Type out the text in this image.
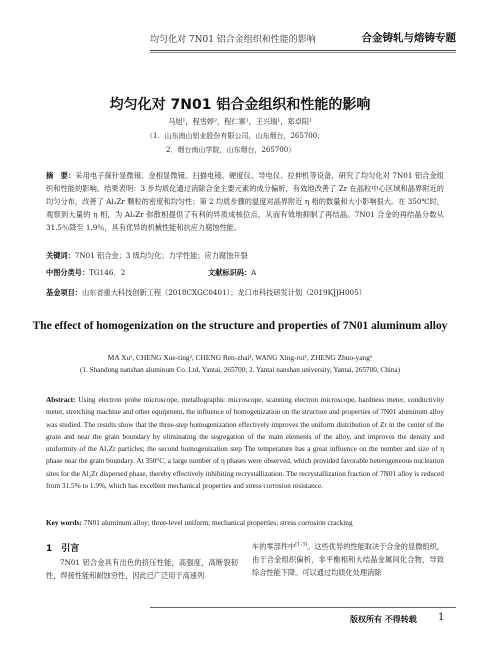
均匀化对 7N01 铝合金组织和性能的影响	合金铸轧与熔铸专题
均匀化对 7N01 铝合金组织和性能的影响
马旭¹，程雪婷²，程仁寨¹，王兴瑞¹，郑卓阳¹
（1．山东南山铝业股份有限公司，山东烟台，265700；
2．烟台南山学院，山东烟台，265700）
摘　要：采用电子探针显微镜、金相显微镜、扫描电镜、硬度仪、导电仪、拉伸机等设备，研究了均匀化对 7N01 铝合金组织和性能的影响。结果表明：3 步均质化通过消除合金主要元素的成分偏析，有效地改善了 Zr 在晶粒中心区域和晶界附近的均匀分布，改善了 Al₃Zr 颗粒的密度和均匀性；第 2 均质步骤的温度对晶界附近 η 相的数量和大小影响很大。在 350℃时，观察到大量的 η 相，为 Al₃Zr 弥散相提供了有利的异质成核位点，从而有效地抑制了再结晶。7N01 合金的再结晶分数从 31.5％降至 1.9％，具有优异的机械性能和抗应力腐蚀性能。
关键词：7N01 铝合金；3 级均匀化；力学性能；应力腐蚀开裂
中图分类号：TG146．2	文献标识码：A
基金项目：山东省重大科技创新工程（2018CXGC0401）；龙口市科技研发计划（2019KJJH005）
The effect of homogenization on the structure and properties of 7N01 aluminum alloy
MA Xu¹, CHENG Xue-ting², CHENG Ren-zhai¹, WANG Xing-rui¹, ZHENG Zhuo-yang¹
(1. Shandong nanshan aluminum Co. Ltd, Yantai, 265700; 2. Yantai nanshan university, Yantai, 265700, China)
Abstract: Using electron probe microscope, metallographic microscope, scanning electron microscope, hardness meter, conductivity meter, stretching machine and other equipment, the influence of homogenization on the structure and properties of 7N01 aluminum alloy was studied. The results show that the three-step homogenization effectively improves the uniform distribution of Zr in the center of the grain and near the grain boundary by eliminating the segregation of the main elements of the alloy, and improves the density and uniformity of the Al₃Zr particles; the second homogenization step The temperature has a great influence on the number and size of η phase near the grain boundary. At 350°C, a large number of η phases were observed, which provided favorable heterogeneous nucleation sites for the Al₃Zr dispersed phase, thereby effectively inhibiting recrystallization. The recrystallization fraction of 7N01 alloy is reduced from 31.5% to 1.9%, which has excellent mechanical properties and stress corrosion resistance.
Key words: 7N01 aluminum alloy; three-level uniform; mechanical properties; stress corrosion cracking
1　引言
7N01 铝合金具有出色的挤压性能，高强度，高断裂韧性，焊接性能和耐蚀穷性，因此已广泛用于高速列
车的零部件中[1-3]。这些优异的性能取决于合金的显微组织，由于合金组织偏析，非平衡相和大结晶金属间化合物，导致综合性能下降。可以通过均质化处理消除
版权所有 不得转载 1
